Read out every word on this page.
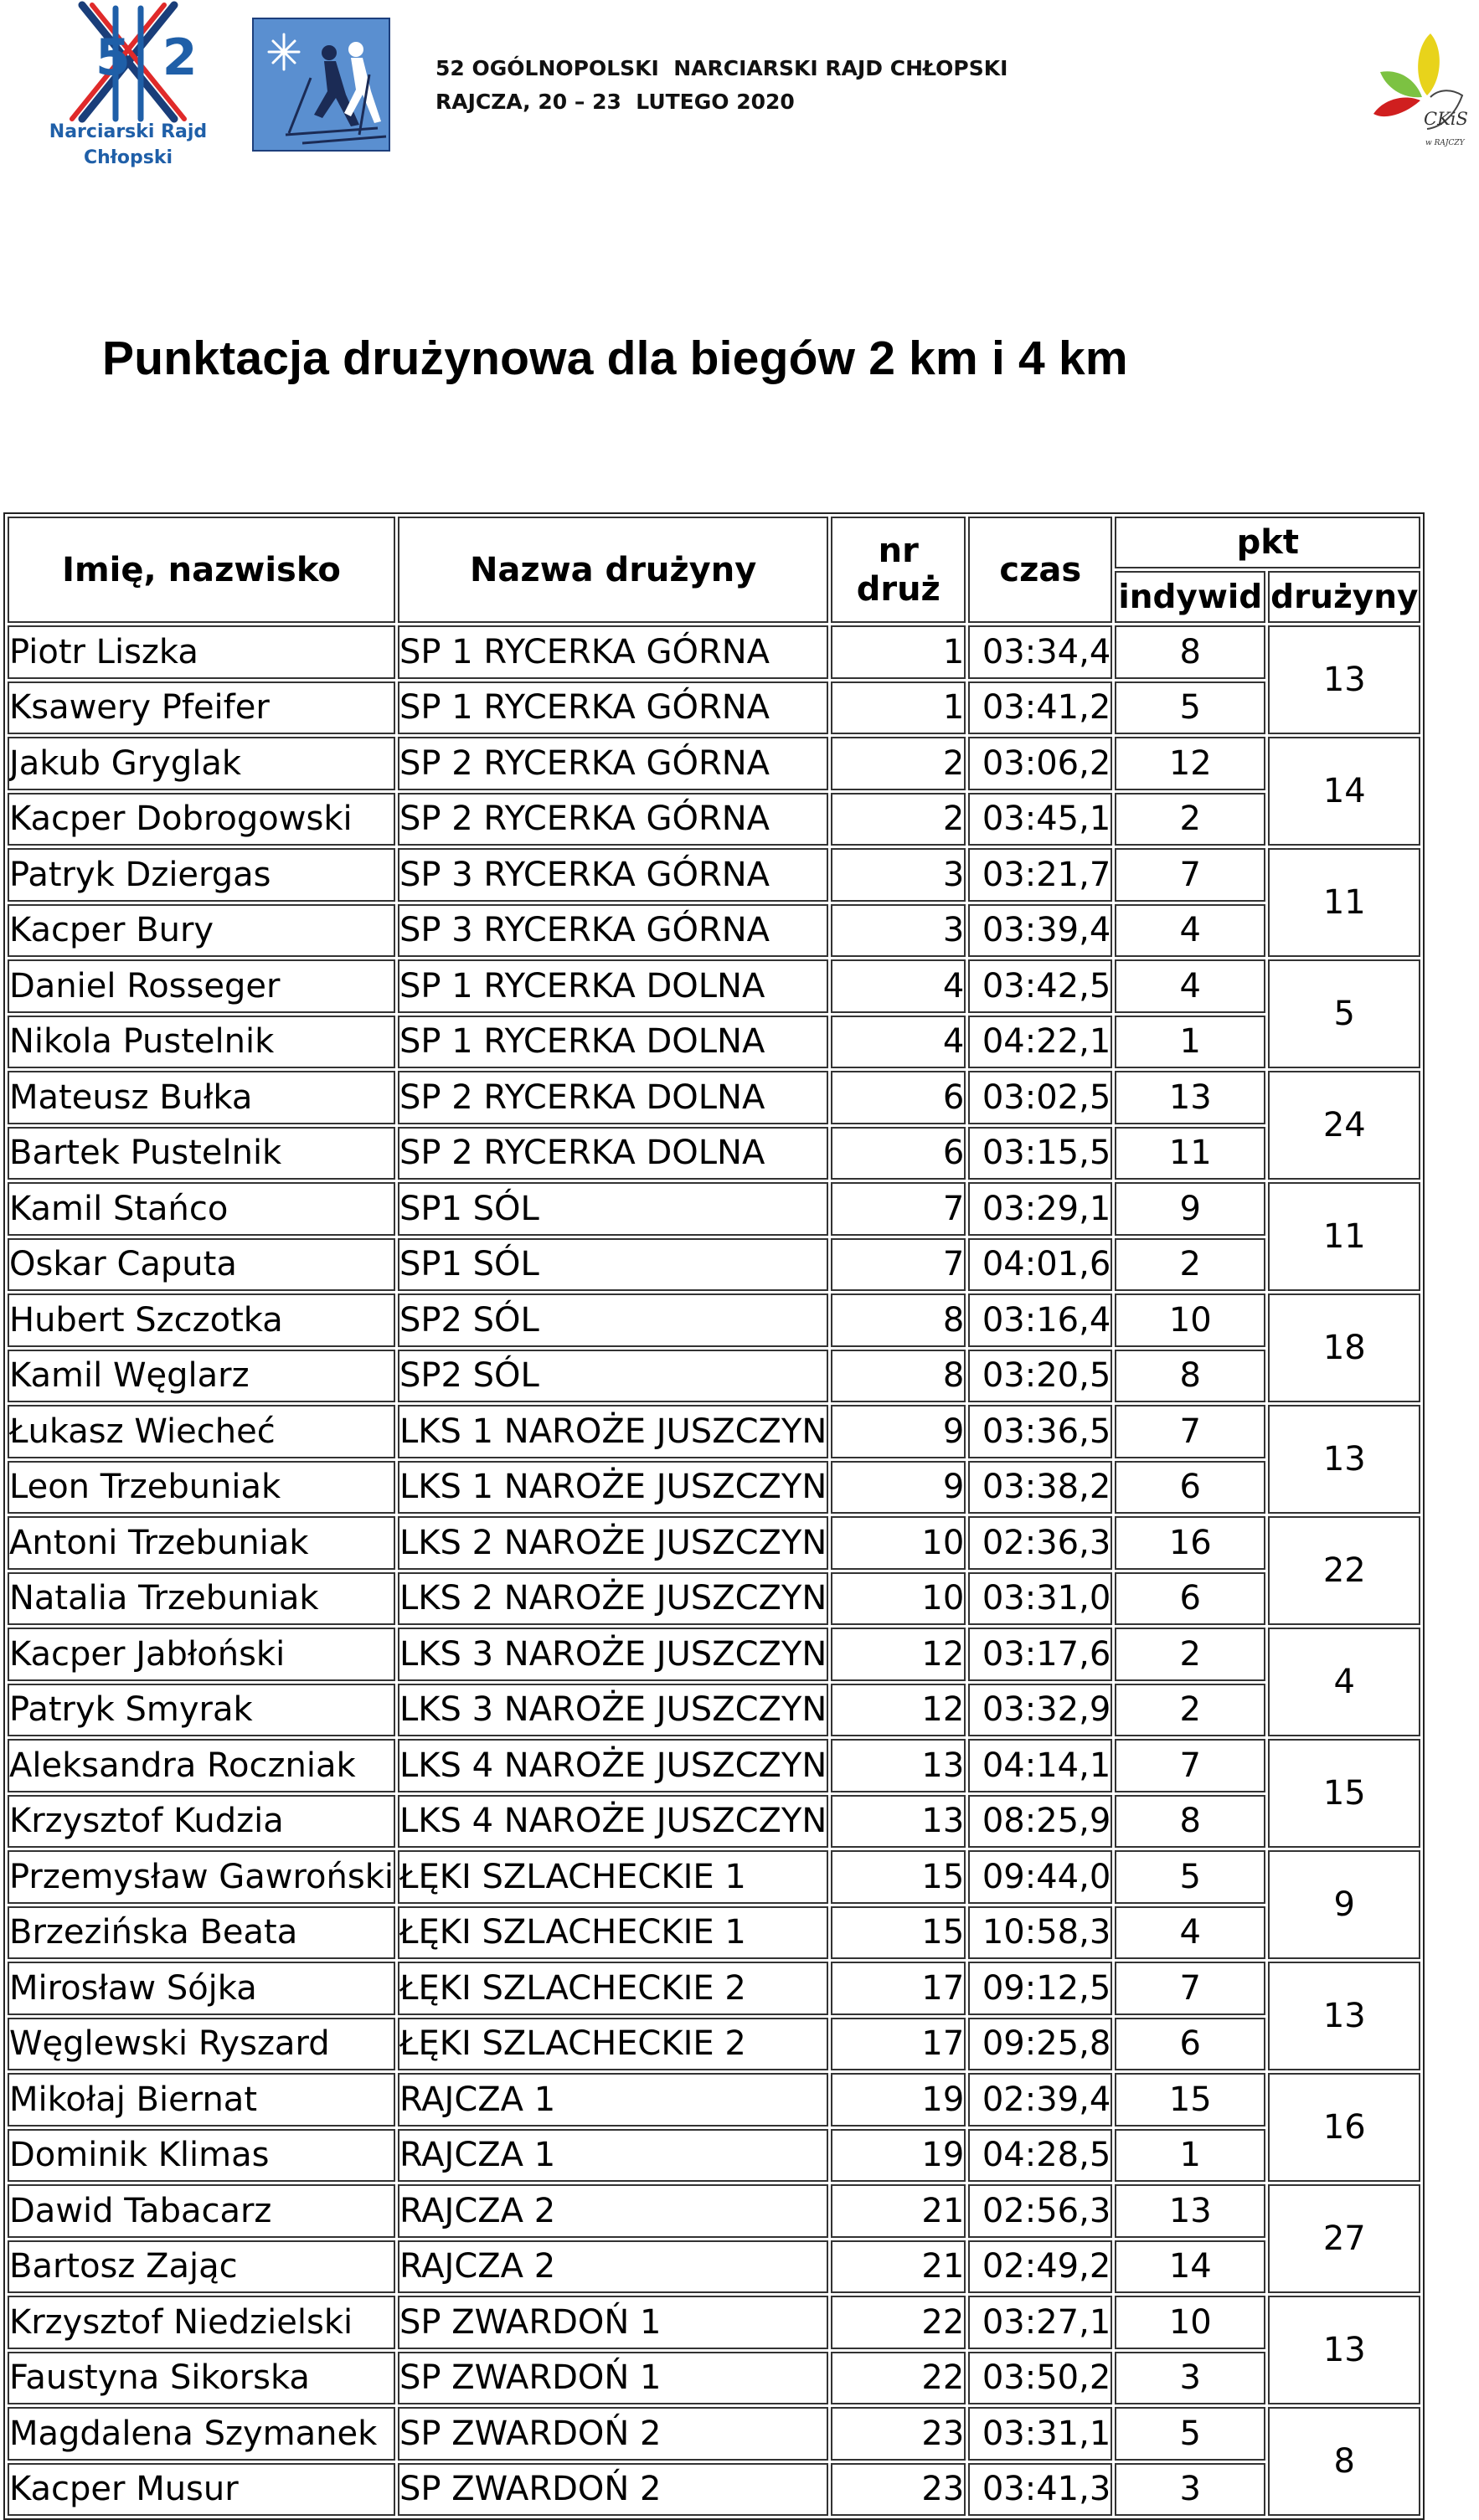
52
Narciarski Rajd
Chłopski
52 OGÓLNOPOLSKI  NARCIARSKI RAJD CHŁOPSKI
RAJCZA, 20 – 23  LUTEGO 2020
CKiS
w RAJCZY
Punktacja drużynowa dla biegów 2 km i 4 km
Imię, nazwisko	Nazwa drużyny	nr
druż	czas	pkt	
				indywid	drużyny
Piotr Liszka	SP 1 RYCERKA GÓRNA	1	03:34,4	8	13
Ksawery Pfeifer	SP 1 RYCERKA GÓRNA	1	03:41,2	5	
Jakub Gryglak	SP 2 RYCERKA GÓRNA	2	03:06,2	12	14
Kacper Dobrogowski	SP 2 RYCERKA GÓRNA	2	03:45,1	2	
Patryk Dziergas	SP 3 RYCERKA GÓRNA	3	03:21,7	7	11
Kacper Bury	SP 3 RYCERKA GÓRNA	3	03:39,4	4	
Daniel Rosseger	SP 1 RYCERKA DOLNA	4	03:42,5	4	5
Nikola Pustelnik	SP 1 RYCERKA DOLNA	4	04:22,1	1	
Mateusz Bułka	SP 2 RYCERKA DOLNA	6	03:02,5	13	24
Bartek Pustelnik	SP 2 RYCERKA DOLNA	6	03:15,5	11	
Kamil Stańco	SP1 SÓL	7	03:29,1	9	11
Oskar Caputa	SP1 SÓL	7	04:01,6	2	
Hubert Szczotka	SP2 SÓL	8	03:16,4	10	18
Kamil Węglarz	SP2 SÓL	8	03:20,5	8	
Łukasz Wiecheć	LKS 1 NAROŻE JUSZCZYN	9	03:36,5	7	13
Leon Trzebuniak	LKS 1 NAROŻE JUSZCZYN	9	03:38,2	6	
Antoni Trzebuniak	LKS 2 NAROŻE JUSZCZYN	10	02:36,3	16	22
Natalia Trzebuniak	LKS 2 NAROŻE JUSZCZYN	10	03:31,0	6	
Kacper Jabłoński	LKS 3 NAROŻE JUSZCZYN	12	03:17,6	2	4
Patryk Smyrak	LKS 3 NAROŻE JUSZCZYN	12	03:32,9	2	
Aleksandra Roczniak	LKS 4 NAROŻE JUSZCZYN	13	04:14,1	7	15
Krzysztof Kudzia	LKS 4 NAROŻE JUSZCZYN	13	08:25,9	8	
Przemysław Gawroński	ŁĘKI SZLACHECKIE 1	15	09:44,0	5	9
Brzezińska Beata	ŁĘKI SZLACHECKIE 1	15	10:58,3	4	
Mirosław Sójka	ŁĘKI SZLACHECKIE 2	17	09:12,5	7	13
Węglewski Ryszard	ŁĘKI SZLACHECKIE 2	17	09:25,8	6	
Mikołaj Biernat	RAJCZA 1	19	02:39,4	15	16
Dominik Klimas	RAJCZA 1	19	04:28,5	1	
Dawid Tabacarz	RAJCZA 2	21	02:56,3	13	27
Bartosz Zając	RAJCZA 2	21	02:49,2	14	
Krzysztof Niedzielski	SP ZWARDOŃ 1	22	03:27,1	10	13
Faustyna Sikorska	SP ZWARDOŃ 1	22	03:50,2	3	
Magdalena Szymanek	SP ZWARDOŃ 2	23	03:31,1	5	8
Kacper Musur	SP ZWARDOŃ 2	23	03:41,3	3	
